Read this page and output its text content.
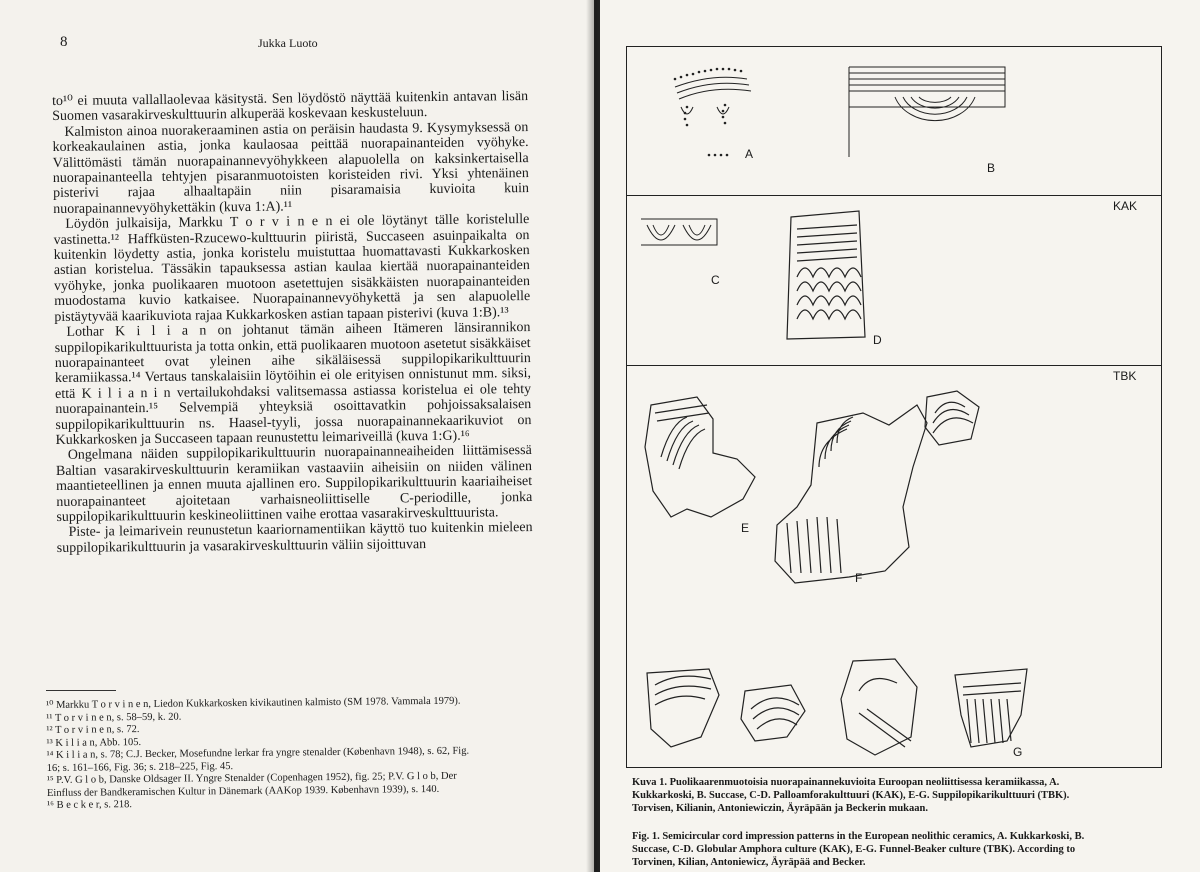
8	Jukka Luoto

to¹⁰ ei muuta vallallaolevaa käsitystä. Sen löydöstö näyttää kuitenkin antavan lisän Suomen vasarakirveskulttuurin alkuperää koskevaan keskusteluun.

Kalmiston ainoa nuorakeraaminen astia on peräisin haudasta 9. Kysymyksessä on korkeakaulainen astia, jonka kaulaosaa peittää nuorapainanteiden vyöhyke. Välittömästi tämän nuorapainannevyöhykkeen alapuolella on kaksinkertaisella nuorapainanteella tehtyjen pisaranmuotoisten koristeiden rivi. Yksi yhtenäinen pisterivi rajaa alhaaltapäin niin pisaramaisia kuvioita kuin nuorapainannevyöhykettäkin (kuva 1:A).¹¹

Löydön julkaisija, Markku T o r v i n e n ei ole löytänyt tälle koristelulle vastinetta.¹² Haffküsten-Rzucewo-kulttuurin piiristä, Succaseen asuinpaikalta on kuitenkin löydetty astia, jonka koristelu muistuttaa huomattavasti Kukkarkosken astian koristelua. Tässäkin tapauksessa astian kaulaa kiertää nuorapainanteiden vyöhyke, jonka puolikaaren muotoon asetettujen sisäkkäisten nuorapainanteiden muodostama kuvio katkaisee. Nuorapainannevyöhykettä ja sen alapuolelle pistäytyvää kaarikuviota rajaa Kukkarkosken astian tapaan pisterivi (kuva 1:B).¹³

Lothar K i l i a n on johtanut tämän aiheen Itämeren länsirannikon suppilopikarikulttuurista ja totta onkin, että puolikaaren muotoon asetetut sisäkkäiset nuorapainanteet ovat yleinen aihe sikäläisessä suppilopikarikulttuurin keramiikassa.¹⁴ Vertaus tanskalaisiin löytöihin ei ole erityisen onnistunut mm. siksi, että K i l i a n i n vertailukohdaksi valitsemassa astiassa koristelua ei ole tehty nuorapainantein.¹⁵ Selvempiä yhteyksiä osoittavatkin pohjoissaksalaisen suppilopikarikulttuurin ns. Haasel-tyyli, jossa nuorapainannekaarikuviot on Kukkarkosken ja Succaseen tapaan reunustettu leimariveillä (kuva 1:G).¹⁶

Ongelmana näiden suppilopikarikulttuurin nuorapainanneaiheiden liittämisessä Baltian vasarakirveskulttuurin keramiikan vastaaviin aiheisiin on niiden välinen maantieteellinen ja ennen muuta ajallinen ero. Suppilopikarikulttuurin kaariaiheiset nuorapainanteet ajoitetaan varhaisneoliittiselle C-periodille, jonka suppilopikarikulttuurin keskineoliittinen vaihe erottaa vasarakirveskulttuurista.

Piste- ja leimarivein reunustetun kaariornamentiikan käyttö tuo kuitenkin mieleen suppilopikarikulttuurin ja vasarakirveskulttuurin väliin sijoittuvan

¹⁰ Markku T o r v i n e n, Liedon Kukkarkosken kivikautinen kalmisto (SM 1978. Vammala 1979).
¹¹ T o r v i n e n, s. 58–59, k. 20.
¹² T o r v i n e n, s. 72.
¹³ K i l i a n, Abb. 105.
¹⁴ K i l i a n, s. 78; C.J. Becker, Mosefundne lerkar fra yngre stenalder (København 1948), s. 62, Fig.
16; s. 161–166, Fig. 36; s. 218–225, Fig. 45.
¹⁵ P.V. G l o b, Danske Oldsager II. Yngre Stenalder (Copenhagen 1952), fig. 25; P.V. G l o b, Der
Einfluss der Bandkeramischen Kultur in Dänemark (AAKop 1939. København 1939), s. 140.
¹⁶ B e c k e r, s. 218.
KAK
TBK
A
B
C
D
E
F
G
Kuva 1. Puolikaarenmuotoisia nuorapainannekuvioita Euroopan neoliittisessa keramiikassa, A. Kukkarkoski, B. Succase, C-D. Palloamforakulttuuri (KAK), E-G. Suppilopikarikulttuuri (TBK). Torvisen, Kilianin, Antoniewiczin, Äyräpään ja Beckerin mukaan.
Fig. 1. Semicircular cord impression patterns in the European neolithic ceramics, A. Kukkarkoski, B. Succase, C-D. Globular Amphora culture (KAK), E-G. Funnel-Beaker culture (TBK). According to Torvinen, Kilian, Antoniewicz, Äyräpää and Becker.
